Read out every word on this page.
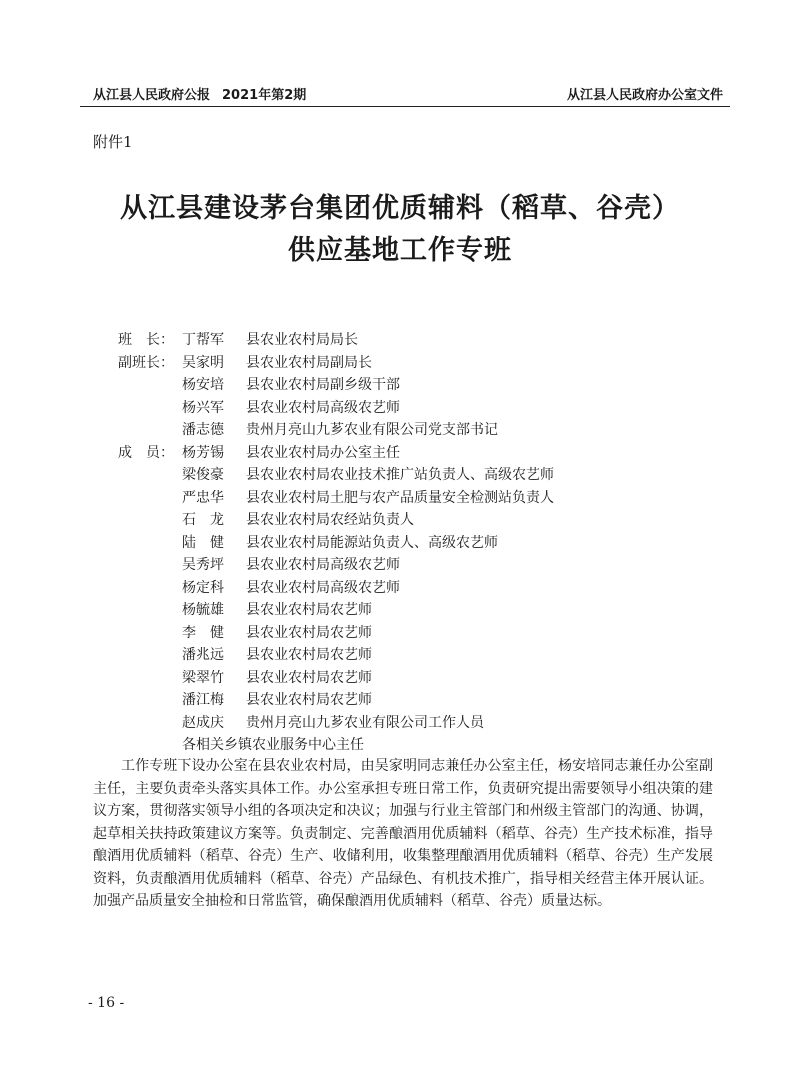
从江县人民政府公报 2021年第2期	从江县人民政府办公室文件
附件1
从江县建设茅台集团优质辅料（稻草、谷壳）
供应基地工作专班
班　长： 丁帮军	县农业农村局局长
副班长： 吴家明	县农业农村局副局长
杨安培	县农业农村局副乡级干部
杨兴军	县农业农村局高级农艺师
潘志德	贵州月亮山九芗农业有限公司党支部书记
成　员： 杨芳锡	县农业农村局办公室主任
梁俊豪	县农业农村局农业技术推广站负责人、高级农艺师
严忠华	县农业农村局土肥与农产品质量安全检测站负责人
石　龙	县农业农村局农经站负责人
陆　健	县农业农村局能源站负责人、高级农艺师
吴秀坪	县农业农村局高级农艺师
杨定科	县农业农村局高级农艺师
杨毓雄	县农业农村局农艺师
李　健	县农业农村局农艺师
潘兆远	县农业农村局农艺师
梁翠竹	县农业农村局农艺师
潘江梅	县农业农村局农艺师
赵成庆	贵州月亮山九芗农业有限公司工作人员
各相关乡镇农业服务中心主任
工作专班下设办公室在县农业农村局，由吴家明同志兼任办公室主任，杨安培同志兼任办公室副主任，主要负责牵头落实具体工作。办公室承担专班日常工作，负责研究提出需要领导小组决策的建议方案，贯彻落实领导小组的各项决定和决议；加强与行业主管部门和州级主管部门的沟通、协调，起草相关扶持政策建议方案等。负责制定、完善酿酒用优质辅料（稻草、谷壳）生产技术标准，指导酿酒用优质辅料（稻草、谷壳）生产、收储利用，收集整理酿酒用优质辅料（稻草、谷壳）生产发展资料，负责酿酒用优质辅料（稻草、谷壳）产品绿色、有机技术推广，指导相关经营主体开展认证。加强产品质量安全抽检和日常监管，确保酿酒用优质辅料（稻草、谷壳）质量达标。
- 16 -
